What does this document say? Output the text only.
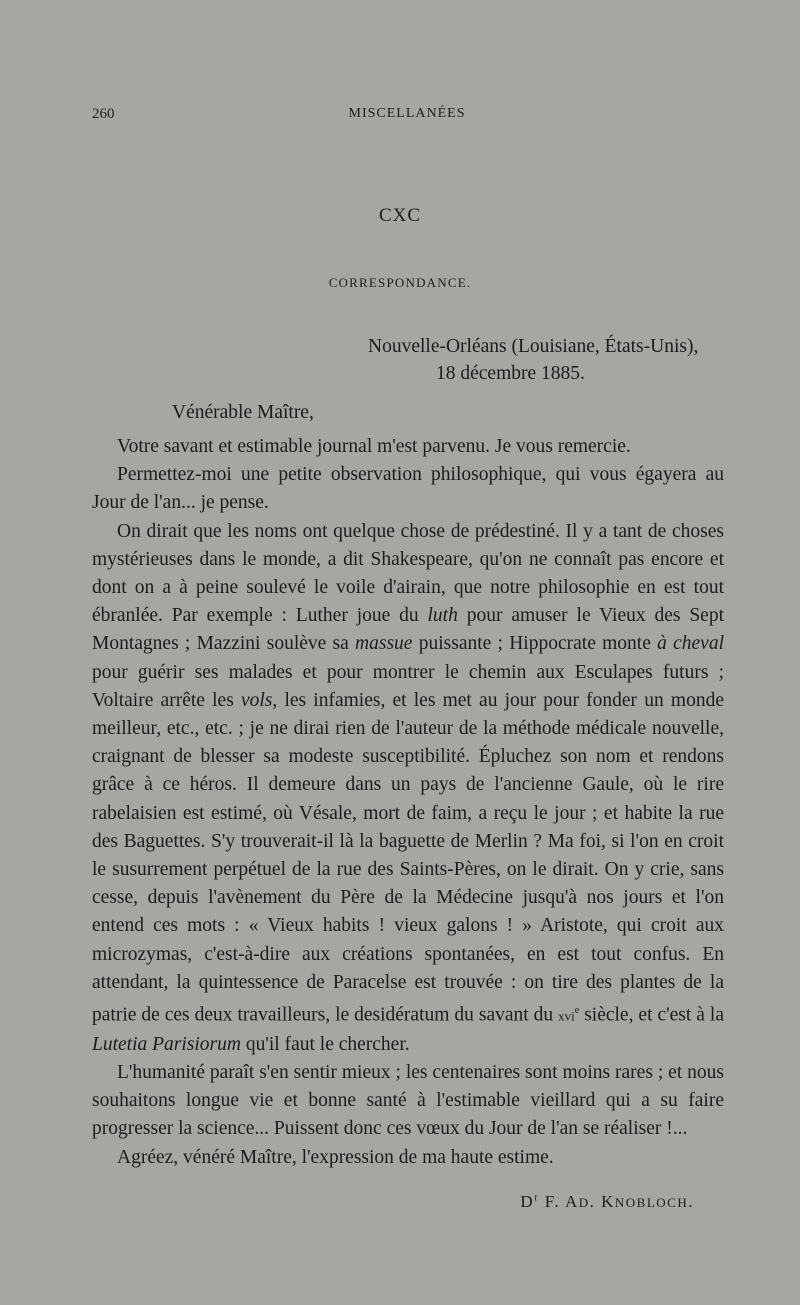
260	MISCELLANÉES
CXC
CORRESPONDANCE.
Nouvelle-Orléans (Louisiane, États-Unis),
18 décembre 1885.
Vénérable Maître,

Votre savant et estimable journal m'est parvenu. Je vous remercie.

Permettez-moi une petite observation philosophique, qui vous égayera au Jour de l'an... je pense.

On dirait que les noms ont quelque chose de prédestiné. Il y a tant de choses mystérieuses dans le monde, a dit Shakespeare, qu'on ne connaît pas encore et dont on a à peine soulevé le voile d'airain, que notre philosophie en est tout ébranlée. Par exemple : Luther joue du luth pour amuser le Vieux des Sept Montagnes ; Mazzini soulève sa massue puissante ; Hippocrate monte à cheval pour guérir ses malades et pour montrer le chemin aux Esculapes futurs ; Voltaire arrête les vols, les infamies, et les met au jour pour fonder un monde meilleur, etc., etc. ; je ne dirai rien de l'auteur de la méthode médicale nouvelle, craignant de blesser sa modeste susceptibilité. Épluchez son nom et rendons grâce à ce héros. Il demeure dans un pays de l'ancienne Gaule, où le rire rabelaisien est estimé, où Vésale, mort de faim, a reçu le jour ; et habite la rue des Baguettes. S'y trouverait-il là la baguette de Merlin ? Ma foi, si l'on en croit le susurrement perpétuel de la rue des Saints-Pères, on le dirait. On y crie, sans cesse, depuis l'avènement du Père de la Médecine jusqu'à nos jours et l'on entend ces mots : « Vieux habits ! vieux galons ! » Aristote, qui croit aux microzymas, c'est-à-dire aux créations spontanées, en est tout confus. En attendant, la quintessence de Paracelse est trouvée : on tire des plantes de la patrie de ces deux travailleurs, le desidératum du savant du xvi$^e$ siècle, et c'est à la Lutetia Parisiorum qu'il faut le chercher.

L'humanité paraît s'en sentir mieux ; les centenaires sont moins rares ; et nous souhaitons longue vie et bonne santé à l'estimable vieillard qui a su faire progresser la science... Puissent donc ces vœux du Jour de l'an se réaliser !...

Agréez, vénéré Maître, l'expression de ma haute estime.

$D^r$ F. AD. KNOBLOCH.
